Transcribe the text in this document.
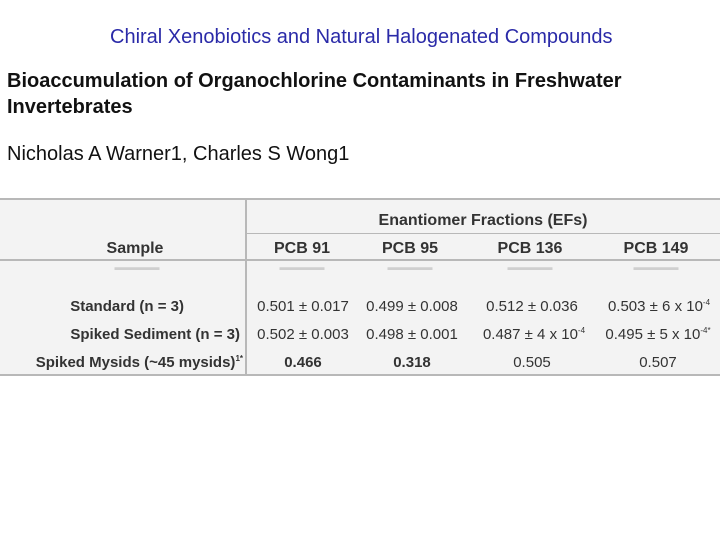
Chiral Xenobiotics and Natural Halogenated Compounds
Bioaccumulation of Organochlorine Contaminants in Freshwater Invertebrates
Nicholas A Warner1, Charles S Wong1
Enantiomer Fractions (EFs)
Sample	PCB 91	PCB 95	PCB 136	PCB 149
▬▬▬▬▬	▬▬▬▬▬	▬▬▬▬▬	▬▬▬▬▬	▬▬▬▬▬
Standard (n = 3)	0.501 ± 0.017	0.499 ± 0.008	0.512 ± 0.036	0.503 ± 6 x $10^{-4}$
Spiked Sediment (n = 3)	0.502 ± 0.003	0.498 ± 0.001	0.487 ± 4 x $10^{-4}$	0.495 ± 5 x $10^{-4*}$
Spiked Mysids (~45 mysids)$^{1*}$	0.466	0.318	0.505	0.507
